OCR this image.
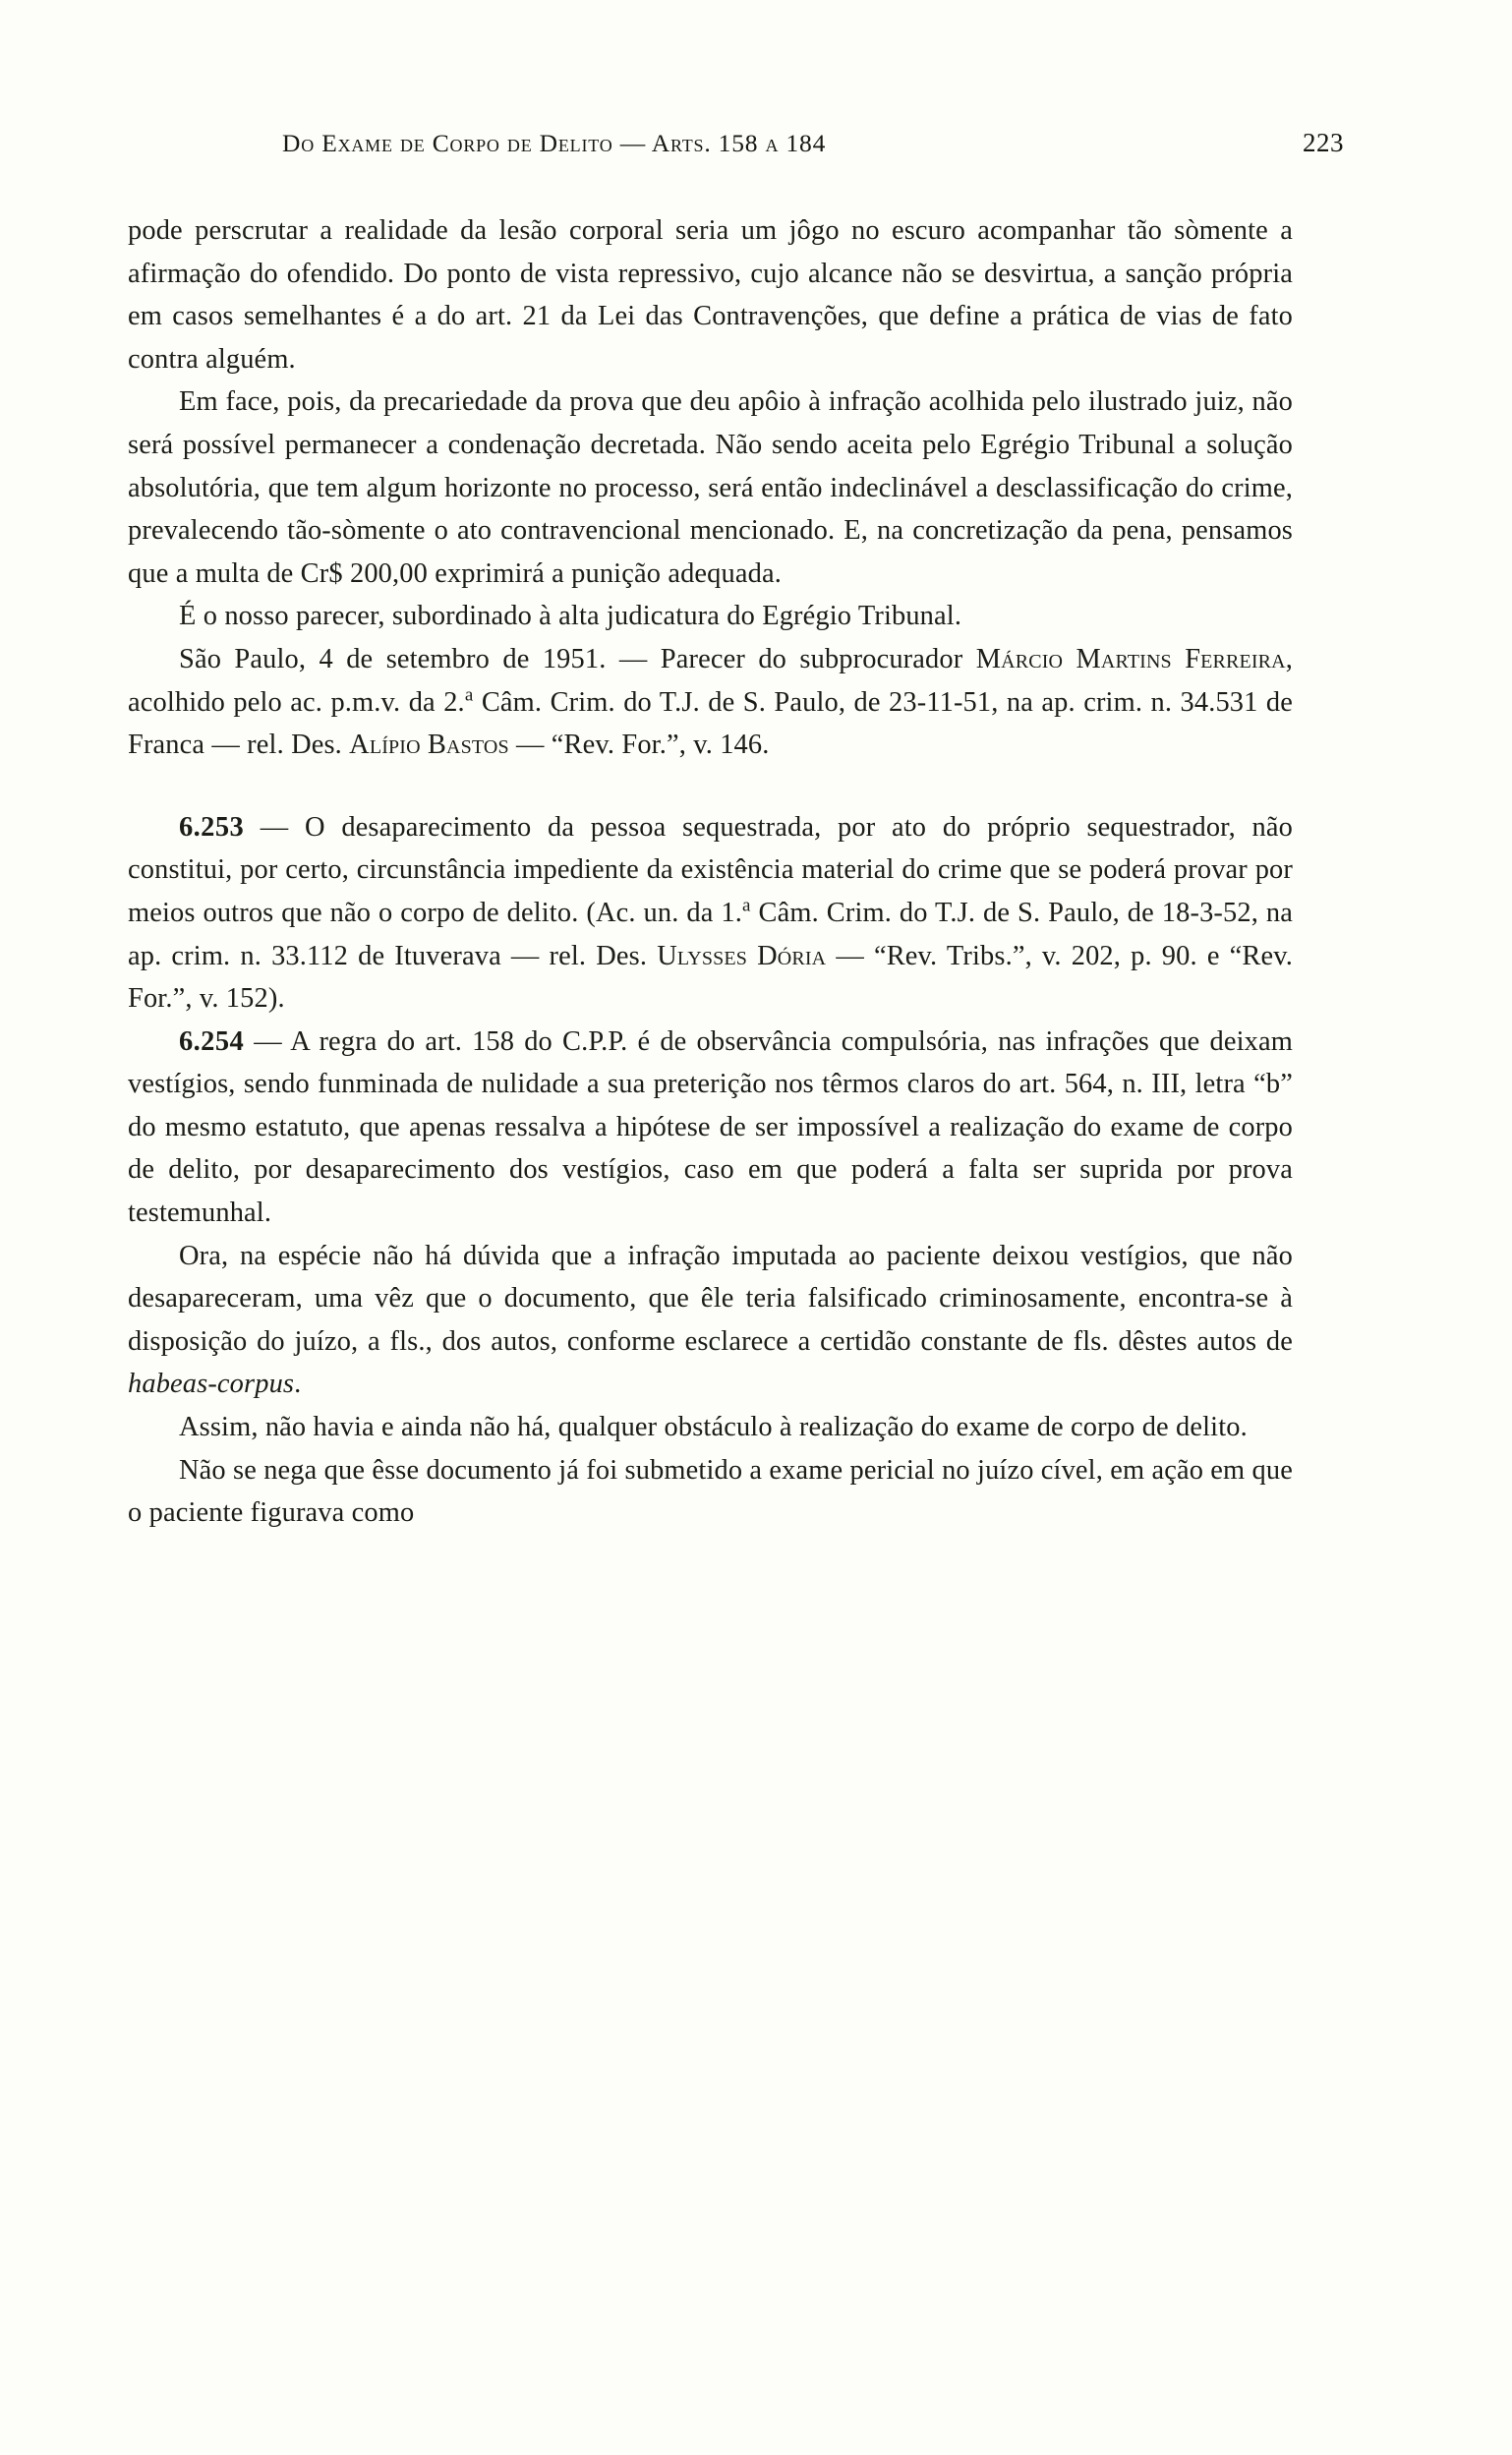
Do Exame de Corpo de Delito — Arts. 158 a 184	223

pode perscrutar a realidade da lesão corporal seria um jôgo no escuro acompanhar tão sòmente a afirmação do ofendido. Do ponto de vista repressivo, cujo alcance não se desvirtua, a sanção própria em casos semelhantes é a do art. 21 da Lei das Contravenções, que define a prática de vias de fato contra alguém.

Em face, pois, da precariedade da prova que deu apôio à infração acolhida pelo ilustrado juiz, não será possível permanecer a condenação decretada. Não sendo aceita pelo Egrégio Tribunal a solução absolutória, que tem algum horizonte no processo, será então indeclinável a desclassificação do crime, prevalecendo tão-sòmente o ato contravencional mencionado. E, na concretização da pena, pensamos que a multa de Cr$ 200,00 exprimirá a punição adequada.

É o nosso parecer, subordinado à alta judicatura do Egrégio Tribunal.

São Paulo, 4 de setembro de 1951. — Parecer do subprocurador Márcio Martins Ferreira, acolhido pelo ac. p.m.v. da 2.$^a$ Câm. Crim. do T.J. de S. Paulo, de 23-11-51, na ap. crim. n. 34.531 de Franca — rel. Des. Alípio Bastos — “Rev. For.”, v. 146.

6.253 — O desaparecimento da pessoa sequestrada, por ato do próprio sequestrador, não constitui, por certo, circunstância impediente da existência material do crime que se poderá provar por meios outros que não o corpo de delito. (Ac. un. da 1.$^a$ Câm. Crim. do T.J. de S. Paulo, de 18-3-52, na ap. crim. n. 33.112 de Ituverava — rel. Des. Ulysses Dória — “Rev. Tribs.”, v. 202, p. 90. e “Rev. For.”, v. 152).

6.254 — A regra do art. 158 do C.P.P. é de observância compulsória, nas infrações que deixam vestígios, sendo funminada de nulidade a sua preterição nos têrmos claros do art. 564, n. III, letra “b” do mesmo estatuto, que apenas ressalva a hipótese de ser impossível a realização do exame de corpo de delito, por desaparecimento dos vestígios, caso em que poderá a falta ser suprida por prova testemunhal.

Ora, na espécie não há dúvida que a infração imputada ao paciente deixou vestígios, que não desapareceram, uma vêz que o documento, que êle teria falsificado criminosamente, encontra-se à disposição do juízo, a fls., dos autos, conforme esclarece a certidão constante de fls. dêstes autos de habeas-corpus.

Assim, não havia e ainda não há, qualquer obstáculo à realização do exame de corpo de delito.

Não se nega que êsse documento já foi submetido a exame pericial no juízo cível, em ação em que o paciente figurava como
